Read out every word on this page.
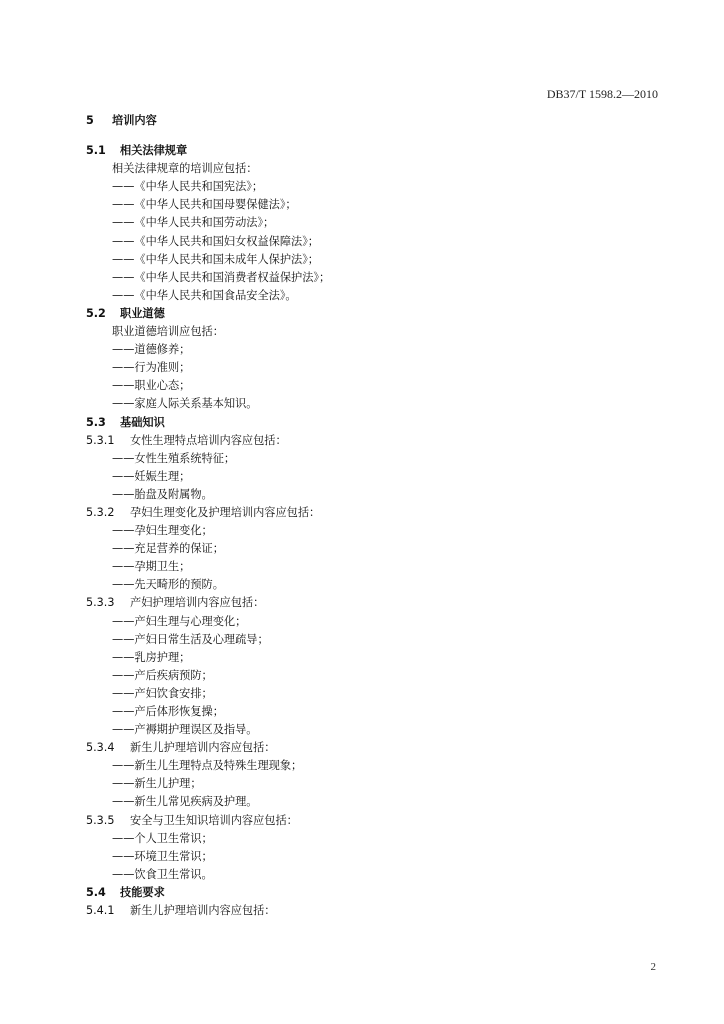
DB37/T 1598.2—2010
5 培训内容
5.1 相关法律规章
相关法律规章的培训应包括：
——《中华人民共和国宪法》；
——《中华人民共和国母婴保健法》；
——《中华人民共和国劳动法》；
——《中华人民共和国妇女权益保障法》；
——《中华人民共和国未成年人保护法》；
——《中华人民共和国消费者权益保护法》；
——《中华人民共和国食品安全法》。
5.2 职业道德
职业道德培训应包括：
——道德修养；
——行为准则；
——职业心态；
——家庭人际关系基本知识。
5.3 基础知识
5.3.1 女性生理特点培训内容应包括：
——女性生殖系统特征；
——妊娠生理；
——胎盘及附属物。
5.3.2 孕妇生理变化及护理培训内容应包括：
——孕妇生理变化；
——充足营养的保证；
——孕期卫生；
——先天畸形的预防。
5.3.3 产妇护理培训内容应包括：
——产妇生理与心理变化；
——产妇日常生活及心理疏导；
——乳房护理；
——产后疾病预防；
——产妇饮食安排；
——产后体形恢复操；
——产褥期护理误区及指导。
5.3.4 新生儿护理培训内容应包括：
——新生儿生理特点及特殊生理现象；
——新生儿护理；
——新生儿常见疾病及护理。
5.3.5 安全与卫生知识培训内容应包括：
——个人卫生常识；
——环境卫生常识；
——饮食卫生常识。
5.4 技能要求
5.4.1 新生儿护理培训内容应包括：
2
